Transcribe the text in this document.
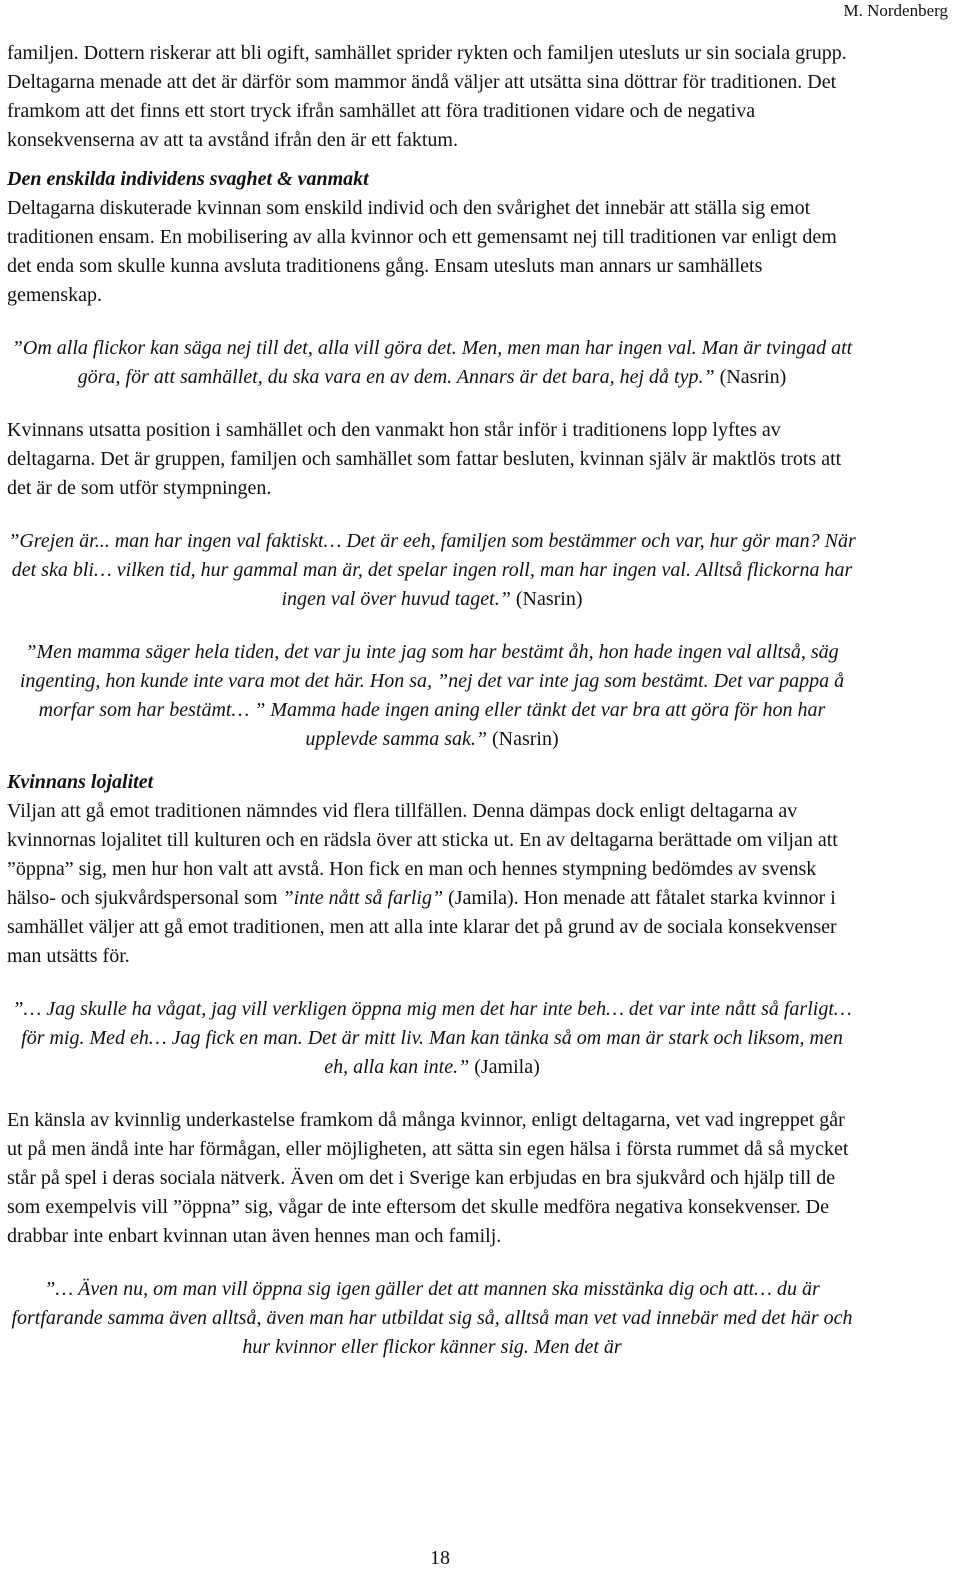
M. Nordenberg

familjen. Dottern riskerar att bli ogift, samhället sprider rykten och familjen utesluts ur sin sociala grupp. Deltagarna menade att det är därför som mammor ändå väljer att utsätta sina döttrar för traditionen. Det framkom att det finns ett stort tryck ifrån samhället att föra traditionen vidare och de negativa konsekvenserna av att ta avstånd ifrån den är ett faktum.

Den enskilda individens svaghet & vanmakt

Deltagarna diskuterade kvinnan som enskild individ och den svårighet det innebär att ställa sig emot traditionen ensam. En mobilisering av alla kvinnor och ett gemensamt nej till traditionen var enligt dem det enda som skulle kunna avsluta traditionens gång. Ensam utesluts man annars ur samhällets gemenskap.

”Om alla flickor kan säga nej till det, alla vill göra det. Men, men man har ingen val. Man är tvingad att göra, för att samhället, du ska vara en av dem. Annars är det bara, hej då typ.” (Nasrin)

Kvinnans utsatta position i samhället och den vanmakt hon står inför i traditionens lopp lyftes av deltagarna. Det är gruppen, familjen och samhället som fattar besluten, kvinnan själv är maktlös trots att det är de som utför stympningen.

”Grejen är... man har ingen val faktiskt… Det är eeh, familjen som bestämmer och var, hur gör man? När det ska bli… vilken tid, hur gammal man är, det spelar ingen roll, man har ingen val. Alltså flickorna har ingen val över huvud taget.” (Nasrin)

”Men mamma säger hela tiden, det var ju inte jag som har bestämt åh, hon hade ingen val alltså, säg ingenting, hon kunde inte vara mot det här. Hon sa, ”nej det var inte jag som bestämt. Det var pappa å morfar som har bestämt… ” Mamma hade ingen aning eller tänkt det var bra att göra för hon har upplevde samma sak.” (Nasrin)

Kvinnans lojalitet

Viljan att gå emot traditionen nämndes vid flera tillfällen. Denna dämpas dock enligt deltagarna av kvinnornas lojalitet till kulturen och en rädsla över att sticka ut. En av deltagarna berättade om viljan att ”öppna” sig, men hur hon valt att avstå. Hon fick en man och hennes stympning bedömdes av svensk hälso- och sjukvårdspersonal som ”inte nått så farlig” (Jamila). Hon menade att fåtalet starka kvinnor i samhället väljer att gå emot traditionen, men att alla inte klarar det på grund av de sociala konsekvenser man utsätts för.

”… Jag skulle ha vågat, jag vill verkligen öppna mig men det har inte beh… det var inte nått så farligt… för mig. Med eh… Jag fick en man. Det är mitt liv. Man kan tänka så om man är stark och liksom, men eh, alla kan inte.” (Jamila)

En känsla av kvinnlig underkastelse framkom då många kvinnor, enligt deltagarna, vet vad ingreppet går ut på men ändå inte har förmågan, eller möjligheten, att sätta sin egen hälsa i första rummet då så mycket står på spel i deras sociala nätverk. Även om det i Sverige kan erbjudas en bra sjukvård och hjälp till de som exempelvis vill ”öppna” sig, vågar de inte eftersom det skulle medföra negativa konsekvenser. De drabbar inte enbart kvinnan utan även hennes man och familj.

”… Även nu, om man vill öppna sig igen gäller det att mannen ska misstänka dig och att… du är fortfarande samma även alltså, även man har utbildat sig så, alltså man vet vad innebär med det här och hur kvinnor eller flickor känner sig. Men det är

18
